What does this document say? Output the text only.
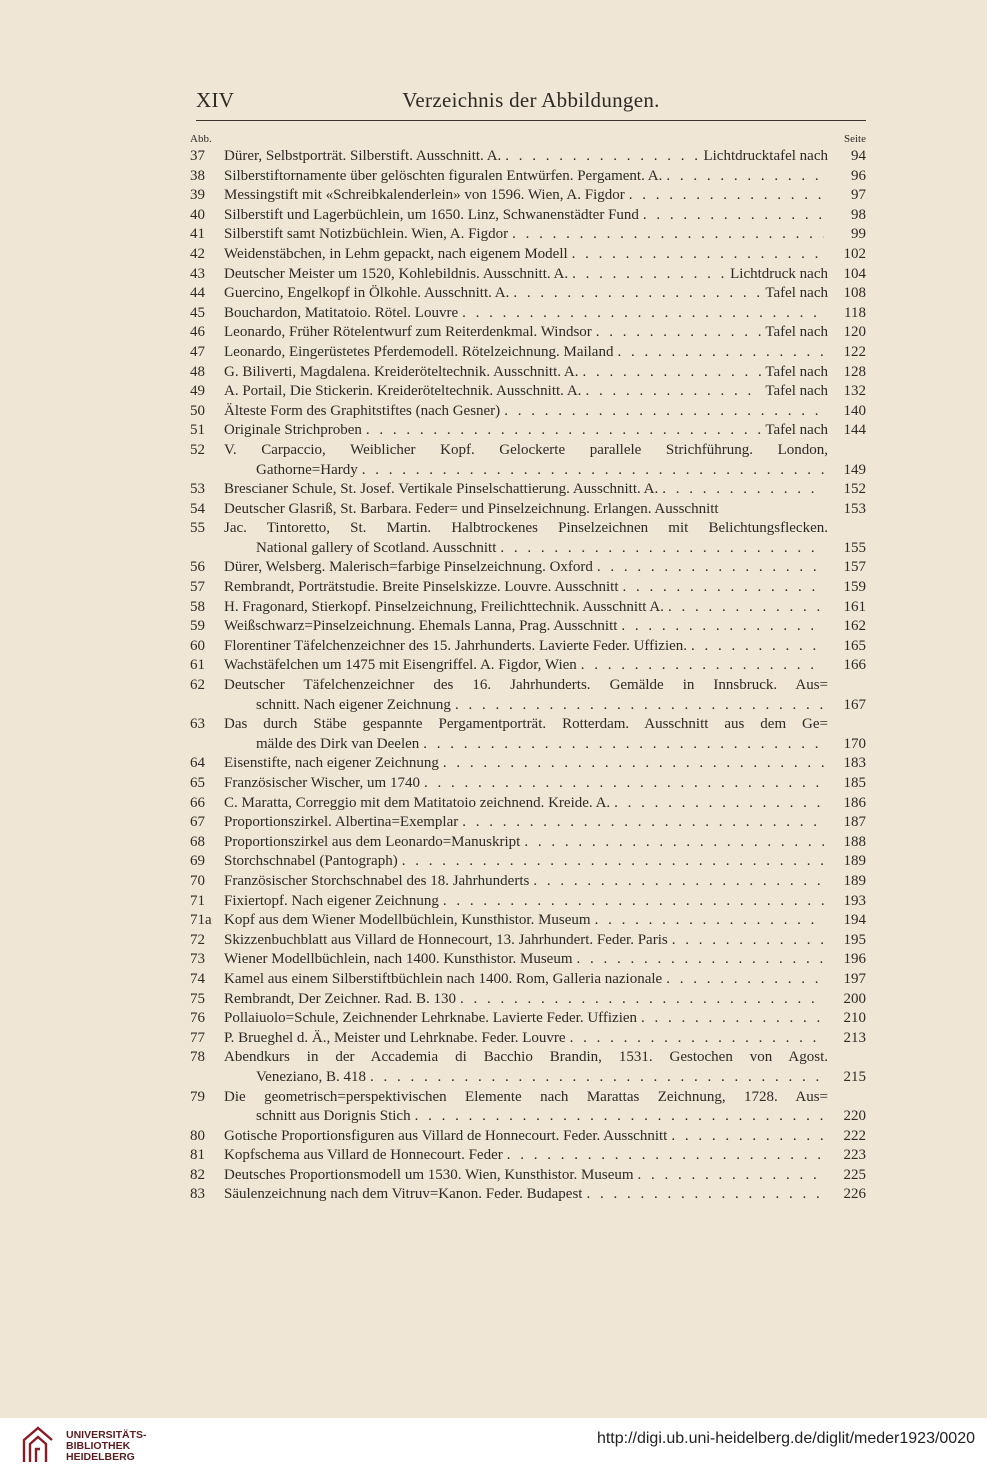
XIV	Verzeichnis der Abbildungen.
Abb.	Seite
37	Dürer, Selbstporträt. Silberstift. Ausschnitt. A. . . .	Lichtdrucktafel nach	94
38	Silberstiftornamente über gelöschten figuralen Entwürfen. Pergament. A. . . .	96
39	Messingstift mit «Schreibkalenderlein» von 1596. Wien, A. Figdor . . .	97
40	Silberstift und Lagerbüchlein, um 1650. Linz, Schwanenstädter Fund . . .	98
41	Silberstift samt Notizbüchlein. Wien, A. Figdor . . .	99
42	Weidenstäbchen, in Lehm gepackt, nach eigenem Modell . . .	102
43	Deutscher Meister um 1520, Kohlebildnis. Ausschnitt. A. . . .	Lichtdruck nach	104
44	Guercino, Engelkopf in Ölkohle. Ausschnitt. A. . . .	Tafel nach	108
45	Bouchardon, Matitatoio. Rötel. Louvre . . .	118
46	Leonardo, Früher Rötelentwurf zum Reiterdenkmal. Windsor . . .	Tafel nach	120
47	Leonardo, Eingerüstetes Pferdemodell. Rötelzeichnung. Mailand . . .	122
48	G. Biliverti, Magdalena. Kreideröteltechnik. Ausschnitt. A. . . .	Tafel nach	128
49	A. Portail, Die Stickerin. Kreideröteltechnik. Ausschnitt. A. . . .	Tafel nach	132
50	Älteste Form des Graphitstiftes (nach Gesner) . . .	140
51	Originale Strichproben . . .	Tafel nach	144
52	V. Carpaccio, Weiblicher Kopf. Gelockerte parallele Strichführung. London,
Gathorne=Hardy . . .	149
53	Brescianer Schule, St. Josef. Vertikale Pinselschattierung. Ausschnitt. A. . . .	152
54	Deutscher Glasriß, St. Barbara. Feder= und Pinselzeichnung. Erlangen. Ausschnitt	153
55	Jac. Tintoretto, St. Martin. Halbtrockenes Pinselzeichnen mit Belichtungsflecken.
National gallery of Scotland. Ausschnitt . . .	155
56	Dürer, Welsberg. Malerisch=farbige Pinselzeichnung. Oxford . . .	157
57	Rembrandt, Porträtstudie. Breite Pinselskizze. Louvre. Ausschnitt . . .	159
58	H. Fragonard, Stierkopf. Pinselzeichnung, Freilichttechnik. Ausschnitt A. . . .	161
59	Weißschwarz=Pinselzeichnung. Ehemals Lanna, Prag. Ausschnitt . . .	162
60	Florentiner Täfelchenzeichner des 15. Jahrhunderts. Lavierte Feder. Uffizien. . . .	165
61	Wachstäfelchen um 1475 mit Eisengriffel. A. Figdor, Wien . . .	166
62	Deutscher Täfelchenzeichner des 16. Jahrhunderts. Gemälde in Innsbruck. Aus=
schnitt. Nach eigener Zeichnung . . .	167
63	Das durch Stäbe gespannte Pergamentporträt. Rotterdam. Ausschnitt aus dem Ge=
mälde des Dirk van Deelen . . .	170
64	Eisenstifte, nach eigener Zeichnung . . .	183
65	Französischer Wischer, um 1740 . . .	185
66	C. Maratta, Correggio mit dem Matitatoio zeichnend. Kreide. A. . . .	186
67	Proportionszirkel. Albertina=Exemplar . . .	187
68	Proportionszirkel aus dem Leonardo=Manuskript . . .	188
69	Storchschnabel (Pantograph) . . .	189
70	Französischer Storchschnabel des 18. Jahrhunderts . . .	189
71	Fixiertopf. Nach eigener Zeichnung . . .	193
71a Kopf aus dem Wiener Modellbüchlein, Kunsthistor. Museum . . .	194
72	Skizzenbuchblatt aus Villard de Honnecourt, 13. Jahrhundert. Feder. Paris . . .	195
73	Wiener Modellbüchlein, nach 1400. Kunsthistor. Museum . . .	196
74	Kamel aus einem Silberstiftbüchlein nach 1400. Rom, Galleria nazionale . . .	197
75	Rembrandt, Der Zeichner. Rad. B. 130 . . .	200
76	Pollaiuolo=Schule, Zeichnender Lehrknabe. Lavierte Feder. Uffizien . . .	210
77	P. Brueghel d. Ä., Meister und Lehrknabe. Feder. Louvre . . .	213
78	Abendkurs in der Accademia di Bacchio Brandin, 1531. Gestochen von Agost.
Veneziano, B. 418 . . .	215
79	Die geometrisch=perspektivischen Elemente nach Marattas Zeichnung, 1728. Aus=
schnitt aus Dorignis Stich . . .	220
80	Gotische Proportionsfiguren aus Villard de Honnecourt. Feder. Ausschnitt . . .	222
81	Kopfschema aus Villard de Honnecourt. Feder . . .	223
82	Deutsches Proportionsmodell um 1530. Wien, Kunsthistor. Museum . . .	225
83	Säulenzeichnung nach dem Vitruv=Kanon. Feder. Budapest . . .	226
UNIVERSITÄTS-
BIBLIOTHEK
HEIDELBERG
http://digi.ub.uni-heidelberg.de/diglit/meder1923/0020
